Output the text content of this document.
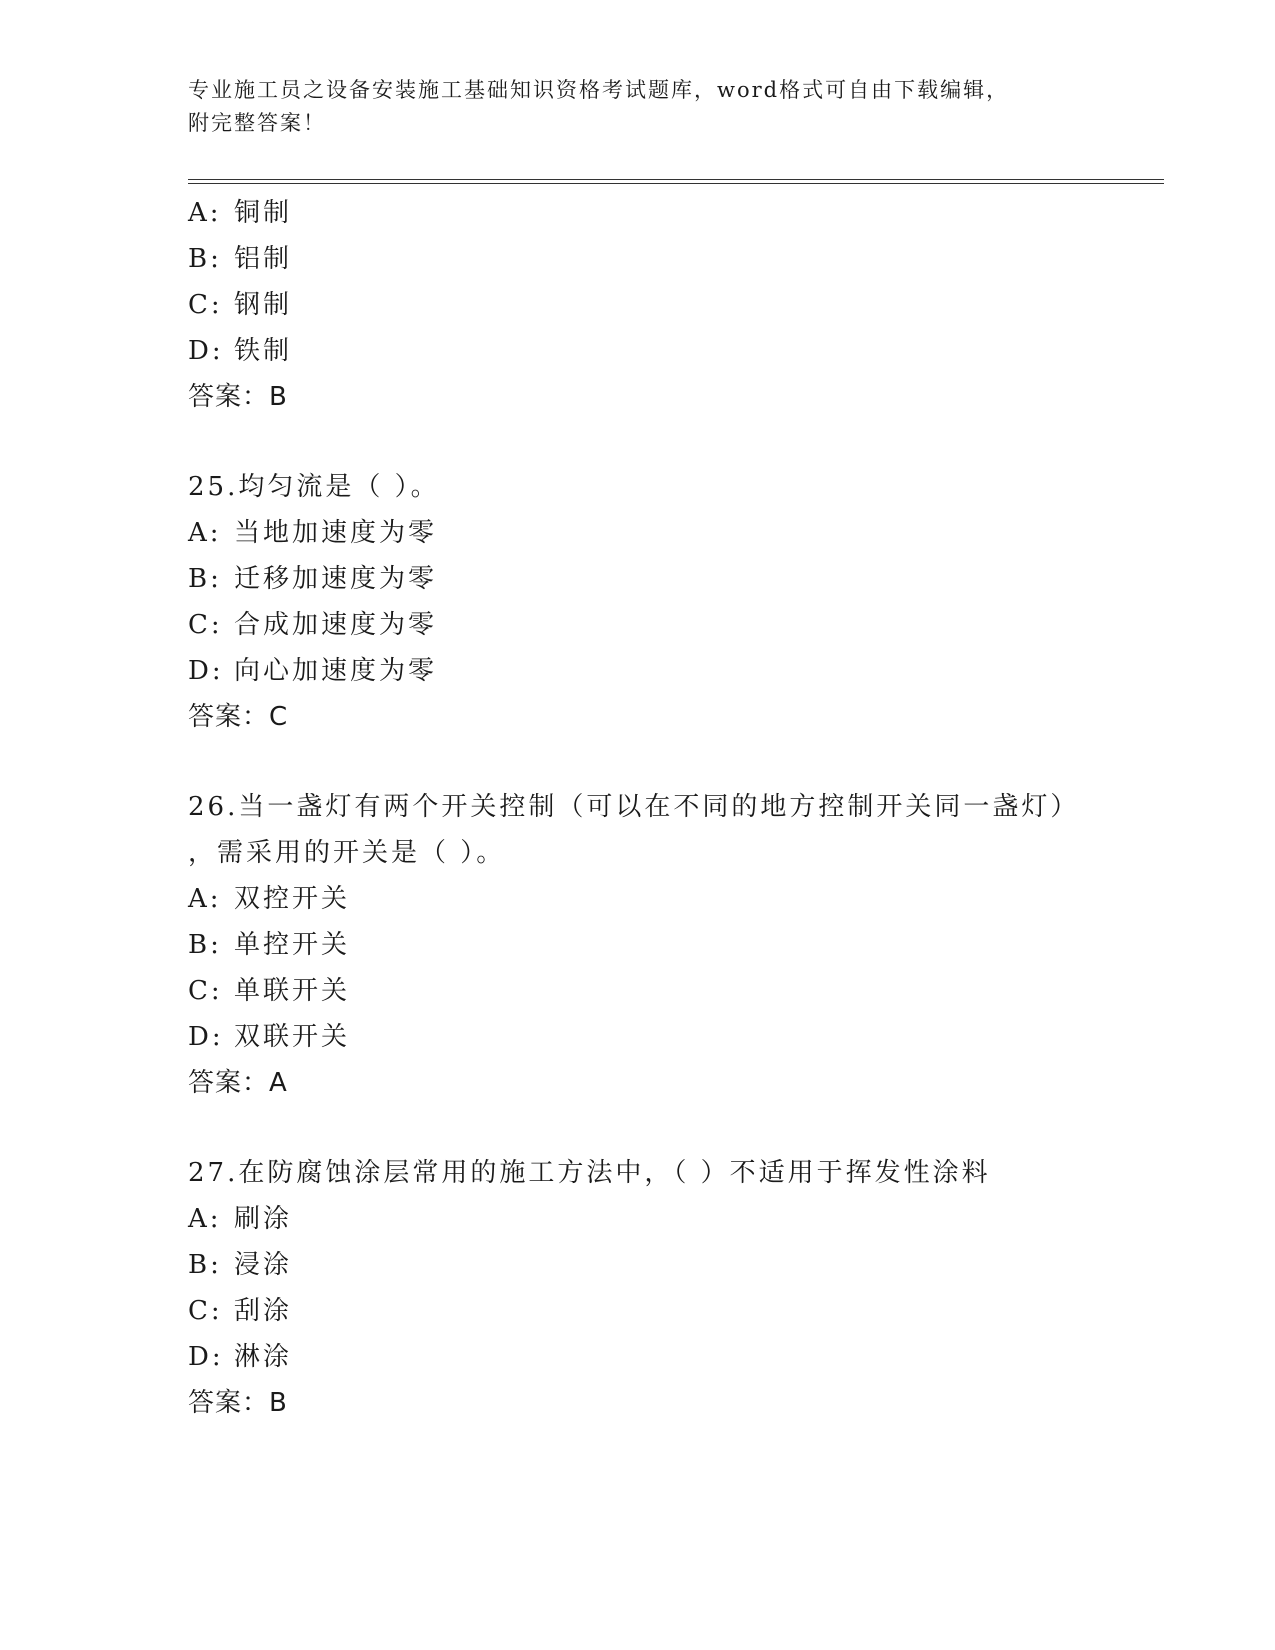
专业施工员之设备安装施工基础知识资格考试题库，word格式可自由下载编辑，
附完整答案！
A: 铜制
B: 铝制
C: 钢制
D: 铁制
答案：B
25.均匀流是（ ）。
A: 当地加速度为零
B: 迁移加速度为零
C: 合成加速度为零
D: 向心加速度为零
答案：C
26.当一盏灯有两个开关控制（可以在不同的地方控制开关同一盏灯）
，需采用的开关是（ ）。
A: 双控开关
B: 单控开关
C: 单联开关
D: 双联开关
答案：A
27.在防腐蚀涂层常用的施工方法中，（ ）不适用于挥发性涂料
A: 刷涂
B: 浸涂
C: 刮涂
D: 淋涂
答案：B
